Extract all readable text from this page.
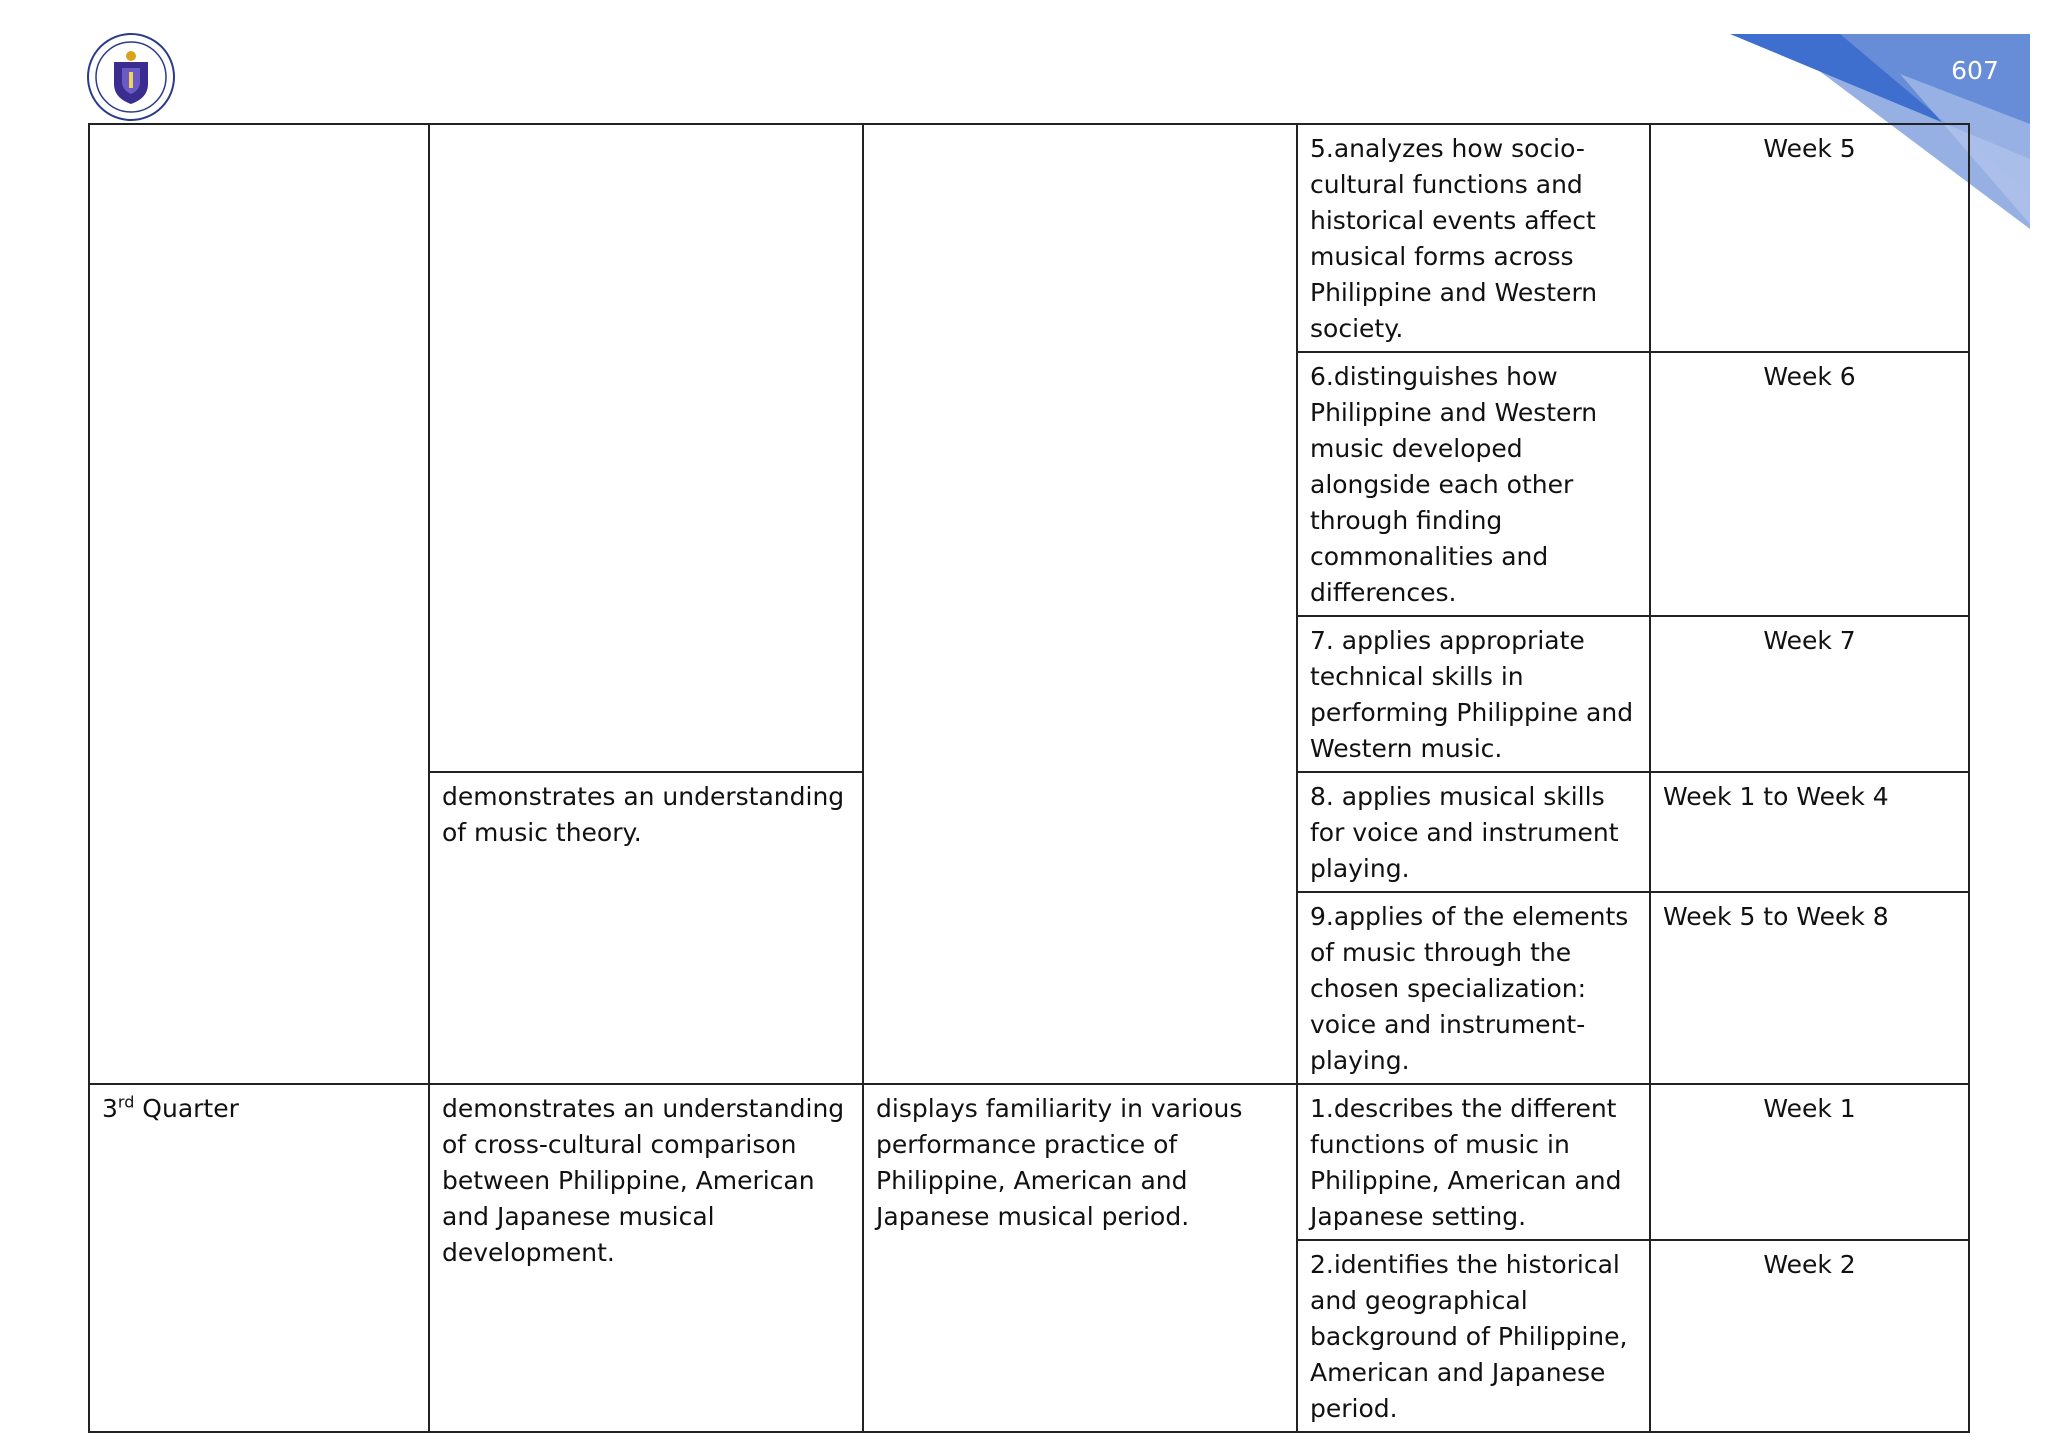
607
			5.analyzes how socio-cultural functions and historical events affect musical forms across Philippine and Western society.	Week 5
			6.distinguishes how Philippine and Western music developed alongside each other through finding commonalities and differences.	Week 6
			7. applies appropriate technical skills in performing Philippine and Western music.	Week 7
	demonstrates an understanding of music theory.		8. applies musical skills for voice and instrument playing.	Week 1 to Week 4
			9.applies of the elements of music through the chosen specialization: voice and instrument-playing.	Week 5 to Week 8
3rd Quarter	demonstrates an understanding of cross-cultural comparison between Philippine, American and Japanese musical development.	displays familiarity in various performance practice of Philippine, American and Japanese musical period.	1.describes the different functions of music in Philippine, American and Japanese setting.	Week 1
			2.identifies the historical and geographical background of Philippine, American and Japanese period.	Week 2
